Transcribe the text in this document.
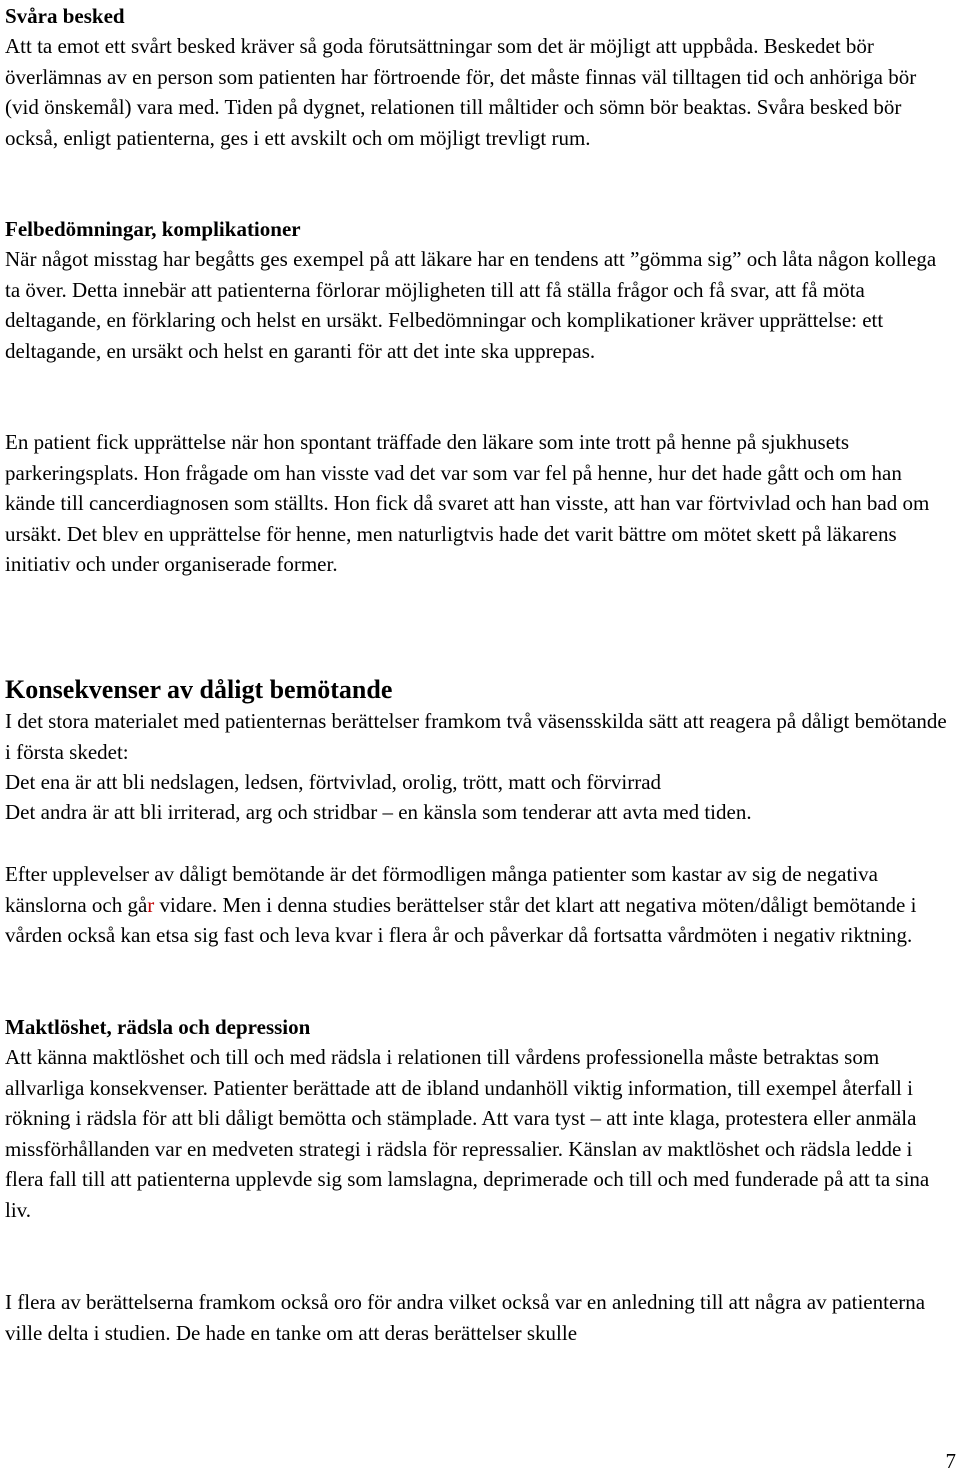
Svåra besked

Att ta emot ett svårt besked kräver så goda förutsättningar som det är möjligt att uppbåda. Beskedet bör överlämnas av en person som patienten har förtroende för, det måste finnas väl tilltagen tid och anhöriga bör (vid önskemål) vara med. Tiden på dygnet, relationen till måltider och sömn bör beaktas. Svåra besked bör också, enligt patienterna, ges i ett avskilt och om möjligt trevligt rum.

Felbedömningar, komplikationer

När något misstag har begåtts ges exempel på att läkare har en tendens att ”gömma sig” och låta någon kollega ta över. Detta innebär att patienterna förlorar möjligheten till att få ställa frågor och få svar, att få möta deltagande, en förklaring och helst en ursäkt. Felbedömningar och komplikationer kräver upprättelse: ett deltagande, en ursäkt och helst en garanti för att det inte ska upprepas.

En patient fick upprättelse när hon spontant träffade den läkare som inte trott på henne på sjukhusets parkeringsplats. Hon frågade om han visste vad det var som var fel på henne, hur det hade gått och om han kände till cancerdiagnosen som ställts. Hon fick då svaret att han visste, att han var förtvivlad och han bad om ursäkt. Det blev en upprättelse för henne, men naturligtvis hade det varit bättre om mötet skett på läkarens initiativ och under organiserade former.

Konsekvenser av dåligt bemötande

I det stora materialet med patienternas berättelser framkom två väsensskilda sätt att reagera på dåligt bemötande i första skedet:

Det ena är att bli nedslagen, ledsen, förtvivlad, orolig, trött, matt och förvirrad

Det andra är att bli irriterad, arg och stridbar – en känsla som tenderar att avta med tiden.

Efter upplevelser av dåligt bemötande är det förmodligen många patienter som kastar av sig de negativa känslorna och går vidare. Men i denna studies berättelser står det klart att negativa möten/dåligt bemötande i vården också kan etsa sig fast och leva kvar i flera år och påverkar då fortsatta vårdmöten i negativ riktning.

Maktlöshet, rädsla och depression

Att känna maktlöshet och till och med rädsla i relationen till vårdens professionella måste betraktas som allvarliga konsekvenser. Patienter berättade att de ibland undanhöll viktig information, till exempel återfall i rökning i rädsla för att bli dåligt bemötta och stämplade. Att vara tyst – att inte klaga, protestera eller anmäla missförhållanden var en medveten strategi i rädsla för repressalier. Känslan av maktlöshet och rädsla ledde i flera fall till att patienterna upplevde sig som lamslagna, deprimerade och till och med funderade på att ta sina liv.

I flera av berättelserna framkom också oro för andra vilket också var en anledning till att några av patienterna ville delta i studien. De hade en tanke om att deras berättelser skulle

7
